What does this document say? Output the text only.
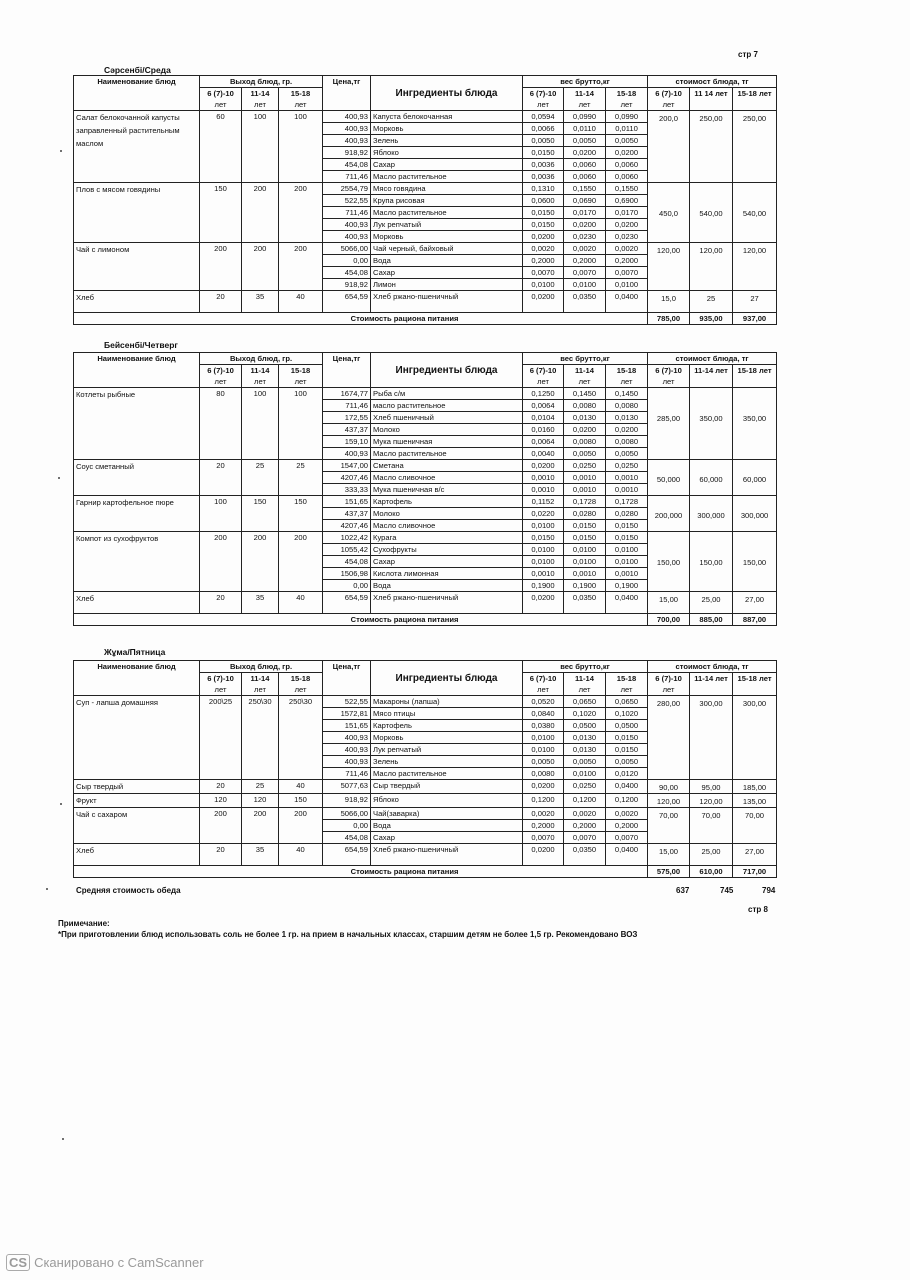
стр 7
Сәрсенбі/Среда
Наименование блюд	Выход блюд, гр.			Цена,тг	Ингредиенты блюда	вес брутто,кг			стоимост блюда, тг		
	6 (7)-10	11-14	15-18			6 (7)-10	11-14	15-18	6 (7)-10	11 14 лет	15-18 лет
	лет	лет	лет			лет	лет	лет	лет		
Салат белокочанной капусты заправленный растительным маслом	60	100	100	400,93	Капуста белокочанная	0,0594	0,0990	0,0990	200,0	250,00	250,00
				400,93	Морковь	0,0066	0,0110	0,0110			
				400,93	Зелень	0,0050	0,0050	0,0050			
				918,92	Яблоко	0,0150	0,0200	0,0200			
				454,08	Сахар	0,0036	0,0060	0,0060			
				711,46	Масло растительное	0,0036	0,0060	0,0060			
Плов с мясом говядины	150	200	200	2554,79	Мясо говядина	0,1310	0,1550	0,1550	450,0	540,00	540,00
				522,55	Крупа рисовая	0,0600	0,0690	0,6900			
				711,46	Масло растительное	0,0150	0,0170	0,0170			
				400,93	Лук репчатый	0,0150	0,0200	0,0200			
				400,93	Морковь	0,0200	0,0230	0,0230			
Чай с лимоном	200	200	200	5066,00	Чай черный, байховый	0,0020	0,0020	0,0020	120,00	120,00	120,00
				0,00	Вода	0,2000	0,2000	0,2000			
				454,08	Сахар	0,0070	0,0070	0,0070			
				918,92	Лимон	0,0100	0,0100	0,0100			
Хлеб	20	35	40	654,59	Хлеб ржано-пшеничный	0,0200	0,0350	0,0400	15,0	25	27
Стоимость рациона питания									785,00	935,00	937,00
Бейсенбі/Четверг
Наименование блюд	Выход блюд, гр.			Цена,тг	Ингредиенты блюда	вес брутто,кг			стоимост блюда, тг		
	6 (7)-10	11-14	15-18			6 (7)-10	11-14	15-18	6 (7)-10	11-14 лет	15-18 лет
	лет	лет	лет			лет	лет	лет	лет		
Котлеты рыбные	80	100	100	1674,77	Рыба с/м	0,1250	0,1450	0,1450	285,00	350,00	350,00
				711,46	масло растительное	0,0064	0,0080	0,0080			
				172,55	Хлеб пшеничный	0,0104	0,0130	0,0130			
				437,37	Молоко	0,0160	0,0200	0,0200			
				159,10	Мука пшеничная	0,0064	0,0080	0,0080			
				400,93	Масло растительное	0,0040	0,0050	0,0050			
Соус сметанный	20	25	25	1547,00	Сметана	0,0200	0,0250	0,0250	50,000	60,000	60,000
				4207,46	Масло сливочное	0,0010	0,0010	0,0010			
				333,33	Мука пшеничная в/с	0,0010	0,0010	0,0010			
Гарнир картофельное пюре	100	150	150	151,65	Картофель	0,1152	0,1728	0,1728	200,000	300,000	300,000
				437,37	Молоко	0,0220	0,0280	0,0280			
				4207,46	Масло сливочное	0,0100	0,0150	0,0150			
Компот из сухофруктов	200	200	200	1022,42	Курага	0,0150	0,0150	0,0150	150,00	150,00	150,00
				1055,42	Сухофрукты	0,0100	0,0100	0,0100			
				454,08	Сахар	0,0100	0,0100	0,0100			
				1506,98	Кислота лимонная	0,0010	0,0010	0,0010			
				0,00	Вода	0,1900	0,1900	0,1900			
Хлеб	20	35	40	654,59	Хлеб ржано-пшеничный	0,0200	0,0350	0,0400	15,00	25,00	27,00
Стоимость рациона питания									700,00	885,00	887,00
Жұма/Пятница
Наименование блюд	Выход блюд, гр.			Цена,тг	Ингредиенты блюда	вес брутто,кг			стоимост блюда, тг		
	6 (7)-10	11-14	15-18			6 (7)-10	11-14	15-18	6 (7)-10	11-14 лет	15-18 лет
	лет	лет	лет			лет	лет	лет	лет		
Суп - лапша домашняя	200\25	250\30	250\30	522,55	Макароны (лапша)	0,0520	0,0650	0,0650	280,00	300,00	300,00
				1572,81	Мясо птицы	0,0840	0,1020	0,1020			
				151,65	Картофель	0,0380	0,0500	0,0500			
				400,93	Морковь	0,0100	0,0130	0,0150			
				400,93	Лук репчатый	0,0100	0,0130	0,0150			
				400,93	Зелень	0,0050	0,0050	0,0050			
				711,46	Масло растительное	0,0080	0,0100	0,0120			
Сыр твердый	20	25	40	5077,63	Сыр твердый	0,0200	0,0250	0,0400	90,00	95,00	185,00
Фрукт	120	120	150	918,92	Яблоко	0,1200	0,1200	0,1200	120,00	120,00	135,00
Чай с сахаром	200	200	200	5066,00	Чай(заварка)	0,0020	0,0020	0,0020	70,00	70,00	70,00
				0,00	Вода	0,2000	0,2000	0,2000			
				454,08	Сахар	0,0070	0,0070	0,0070			
Хлеб	20	35	40	654,59	Хлеб ржано-пшеничный	0,0200	0,0350	0,0400	15,00	25,00	27,00
Стоимость рациона питания									575,00	610,00	717,00
Средняя стоимость обеда	637	745	794
стр 8
Примечание:
*При приготовлении блюд использовать соль не более 1 гр. на прием в начальных классах, старшим детям не более 1,5 гр. Рекомендовано ВОЗ
CS Сканировано с CamScanner
